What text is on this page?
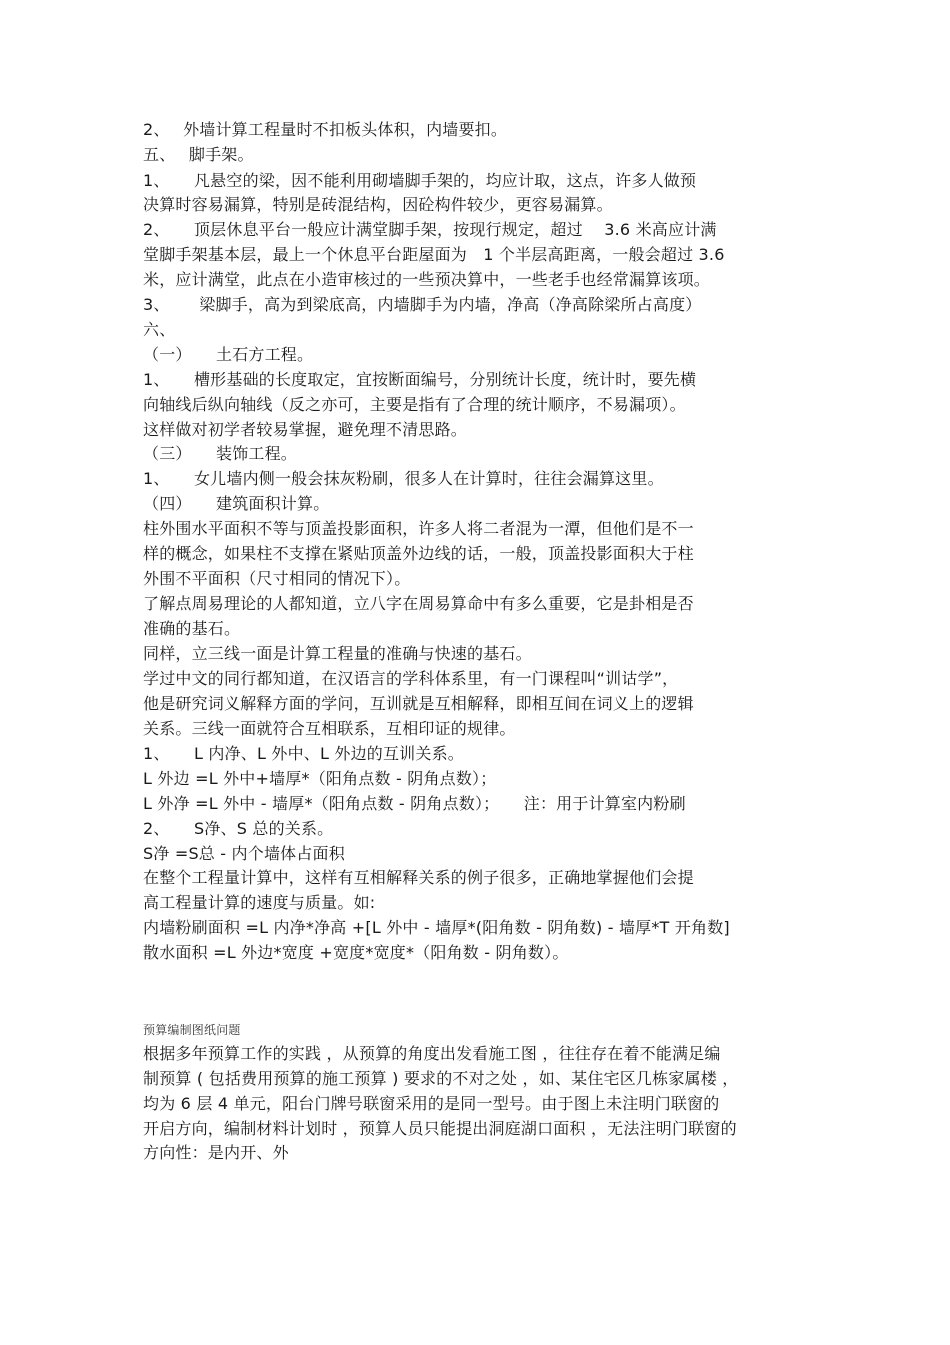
2、　 外墙计算工程量时不扣板头体积，内墙要扣。
五、　 脚手架。
1、　　凡悬空的梁，因不能利用砌墙脚手架的，均应计取，这点，许多人做预
决算时容易漏算，特别是砖混结构，因砼构件较少，更容易漏算。
2、　　顶层休息平台一般应计满堂脚手架，按现行规定，超过　 3.6 米高应计满
堂脚手架基本层，最上一个休息平台距屋面为　1 个半层高距离，一般会超过 3.6
米，应计满堂，此点在小造审核过的一些预决算中，一些老手也经常漏算该项。
3、　　 梁脚手，高为到梁底高，内墙脚手为内墙，净高（净高除梁所占高度）
六、
（一）　　土石方工程。
1、　　槽形基础的长度取定，宜按断面编号，分别统计长度，统计时，要先横
向轴线后纵向轴线（反之亦可，主要是指有了合理的统计顺序，不易漏项）。
这样做对初学者较易掌握，避免理不清思路。
（三）　　装饰工程。
1、　　女儿墙内侧一般会抹灰粉刷，很多人在计算时，往往会漏算这里。
（四）　　建筑面积计算。
柱外围水平面积不等与顶盖投影面积，许多人将二者混为一潭，但他们是不一
样的概念，如果柱不支撑在紧贴顶盖外边线的话，一般，顶盖投影面积大于柱
外围不平面积（尺寸相同的情况下）。
了解点周易理论的人都知道，立八字在周易算命中有多么重要，它是卦相是否
准确的基石。
同样，立三线一面是计算工程量的准确与快速的基石。
学过中文的同行都知道，在汉语言的学科体系里，有一门课程叫“训诂学”，
他是研究词义解释方面的学问，互训就是互相解释，即相互间在词义上的逻辑
关系。三线一面就符合互相联系，互相印证的规律。
1、　　L 内净、L 外中、L 外边的互训关系。
L 外边 =L 外中+墙厚*（阳角点数 - 阴角点数）；
L 外净 =L 外中 - 墙厚*（阳角点数 - 阴角点数）；　　注：用于计算室内粉刷
2、　　S净、S 总的关系。
S净 =S总 - 内个墙体占面积
在整个工程量计算中，这样有互相解释关系的例子很多，正确地掌握他们会提
高工程量计算的速度与质量。如:
内墙粉刷面积 =L 内净*净高 +[L 外中 - 墙厚*(阳角数 - 阴角数) - 墙厚*T 开角数]
散水面积 =L 外边*宽度 +宽度*宽度*（阳角数 - 阴角数）。
预算编制图纸问题
根据多年预算工作的实践 ，从预算的角度出发看施工图 ，往往存在着不能满足编
制预算 ( 包括费用预算的施工预算 ) 要求的不对之处 ，如、某住宅区几栋家属楼 ，
均为 6 层 4 单元，阳台门牌号联窗采用的是同一型号。由于图上未注明门联窗的
开启方向，编制材料计划时 ，预算人员只能提出洞庭湖口面积 ，无法注明门联窗的
方向性：是内开、外
